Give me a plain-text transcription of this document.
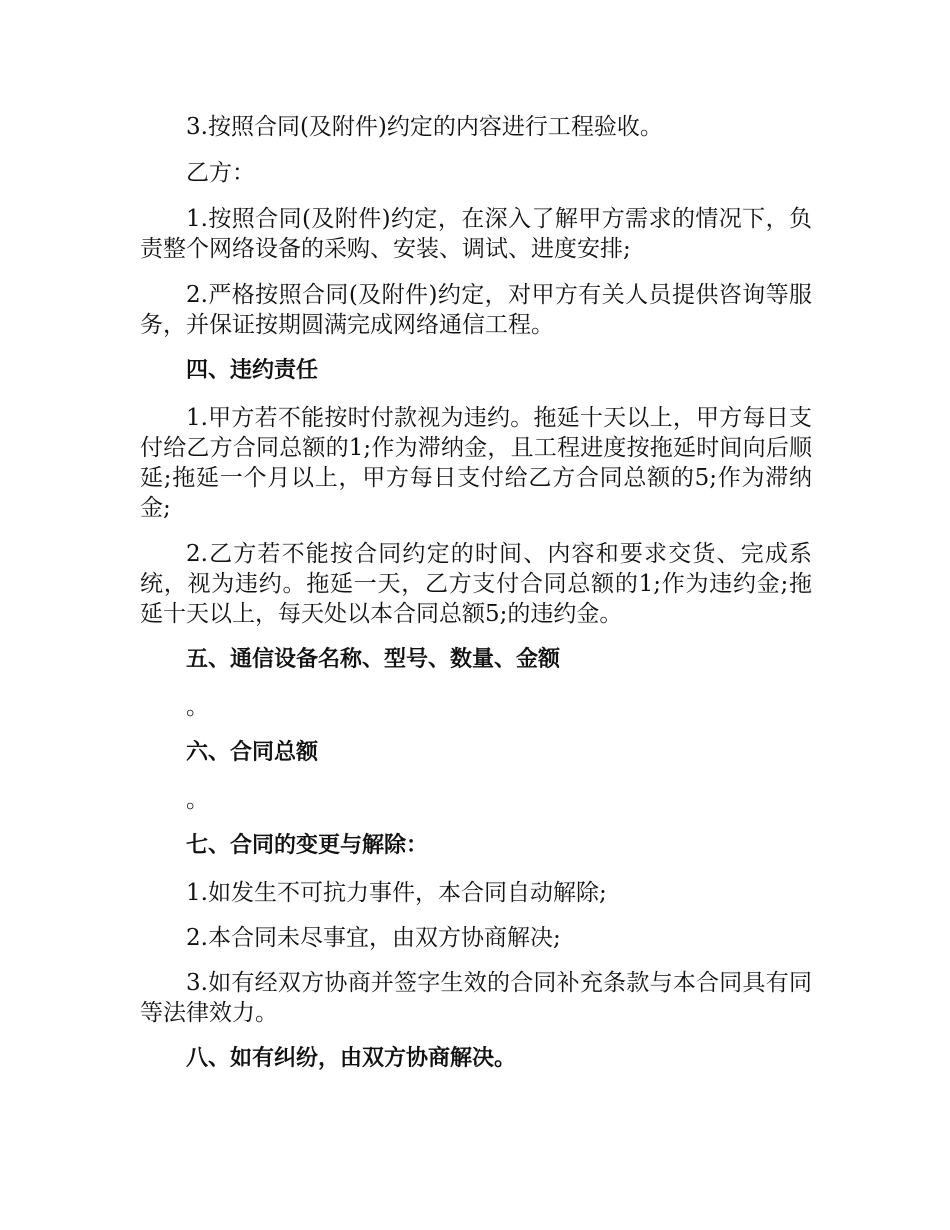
3.按照合同(及附件)约定的内容进行工程验收。

乙方：

1.按照合同(及附件)约定，在深入了解甲方需求的情况下，负责整个网络设备的采购、安装、调试、进度安排;

2.严格按照合同(及附件)约定，对甲方有关人员提供咨询等服务，并保证按期圆满完成网络通信工程。

四、违约责任

1.甲方若不能按时付款视为违约。拖延十天以上，甲方每日支付给乙方合同总额的1;作为滞纳金，且工程进度按拖延时间向后顺延;拖延一个月以上，甲方每日支付给乙方合同总额的5;作为滞纳金;

2.乙方若不能按合同约定的时间、内容和要求交货、完成系统，视为违约。拖延一天，乙方支付合同总额的1;作为违约金;拖延十天以上，每天处以本合同总额5;的违约金。

五、通信设备名称、型号、数量、金额

。

六、合同总额

。

七、合同的变更与解除：

1.如发生不可抗力事件，本合同自动解除;

2.本合同未尽事宜，由双方协商解决;

3.如有经双方协商并签字生效的合同补充条款与本合同具有同等法律效力。

八、如有纠纷，由双方协商解决。
